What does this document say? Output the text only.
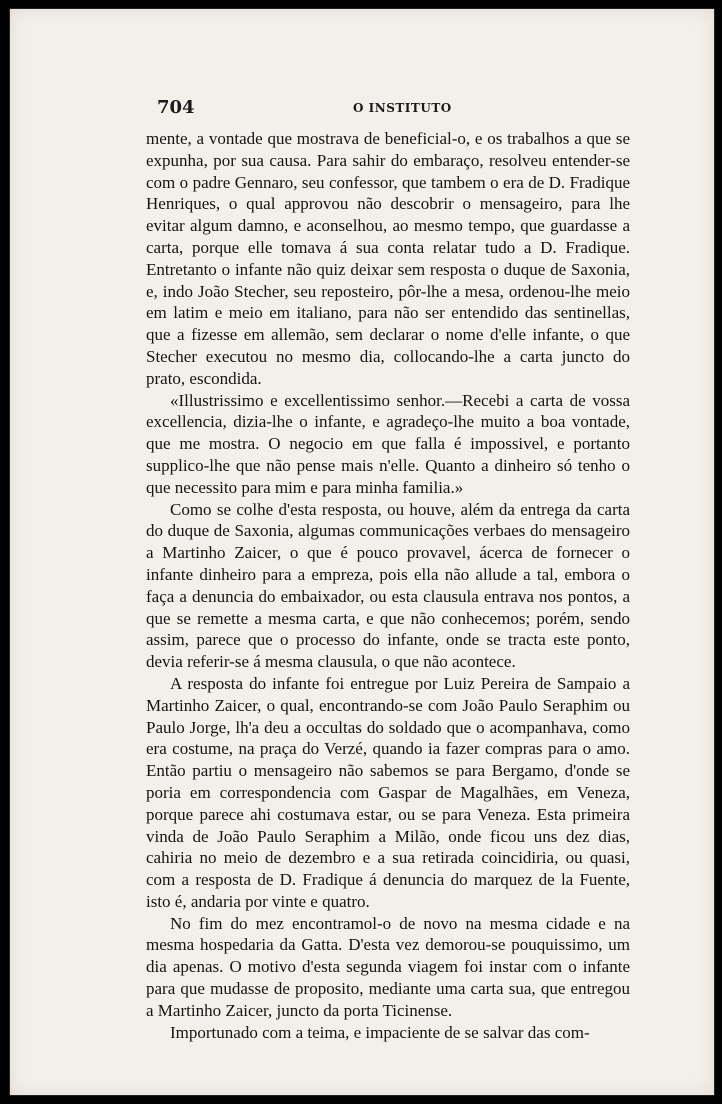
704	O INSTITUTO

mente, a vontade que mostrava de beneficial-o, e os trabalhos a que se expunha, por sua causa. Para sahir do embaraço, resolveu entender-se com o padre Gennaro, seu confessor, que tambem o era de D. Fradique Henriques, o qual approvou não descobrir o mensageiro, para lhe evitar algum damno, e aconselhou, ao mesmo tempo, que guardasse a carta, porque elle tomava á sua conta relatar tudo a D. Fradique. Entretanto o infante não quiz deixar sem resposta o duque de Saxonia, e, indo João Stecher, seu reposteiro, pôr-lhe a mesa, ordenou-lhe meio em latim e meio em italiano, para não ser entendido das sentinellas, que a fizesse em allemão, sem declarar o nome d'elle infante, o que Stecher executou no mesmo dia, collocando-lhe a carta juncto do prato, escondida.

«Illustrissimo e excellentissimo senhor.—Recebi a carta de vossa excellencia, dizia-lhe o infante, e agradeço-lhe muito a boa vontade, que me mostra. O negocio em que falla é impossivel, e portanto supplico-lhe que não pense mais n'elle. Quanto a dinheiro só tenho o que necessito para mim e para minha familia.»

Como se colhe d'esta resposta, ou houve, além da entrega da carta do duque de Saxonia, algumas communicações verbaes do mensageiro a Martinho Zaicer, o que é pouco provavel, ácerca de fornecer o infante dinheiro para a empreza, pois ella não allude a tal, embora o faça a denuncia do embaixador, ou esta clausula entrava nos pontos, a que se remette a mesma carta, e que não conhecemos; porém, sendo assim, parece que o processo do infante, onde se tracta este ponto, devia referir-se á mesma clausula, o que não acontece.

A resposta do infante foi entregue por Luiz Pereira de Sampaio a Martinho Zaicer, o qual, encontrando-se com João Paulo Seraphim ou Paulo Jorge, lh'a deu a occultas do soldado que o acompanhava, como era costume, na praça do Verzé, quando ia fazer compras para o amo. Então partiu o mensageiro não sabemos se para Bergamo, d'onde se poria em correspondencia com Gaspar de Magalhães, em Veneza, porque parece ahi costumava estar, ou se para Veneza. Esta primeira vinda de João Paulo Seraphim a Milão, onde ficou uns dez dias, cahiria no meio de dezembro e a sua retirada coincidiria, ou quasi, com a resposta de D. Fradique á denuncia do marquez de la Fuente, isto é, andaria por vinte e quatro.

No fim do mez encontramol-o de novo na mesma cidade e na mesma hospedaria da Gatta. D'esta vez demorou-se pouquissimo, um dia apenas. O motivo d'esta segunda viagem foi instar com o infante para que mudasse de proposito, mediante uma carta sua, que entregou a Martinho Zaicer, juncto da porta Ticinense.

Importunado com a teima, e impaciente de se salvar das com-
